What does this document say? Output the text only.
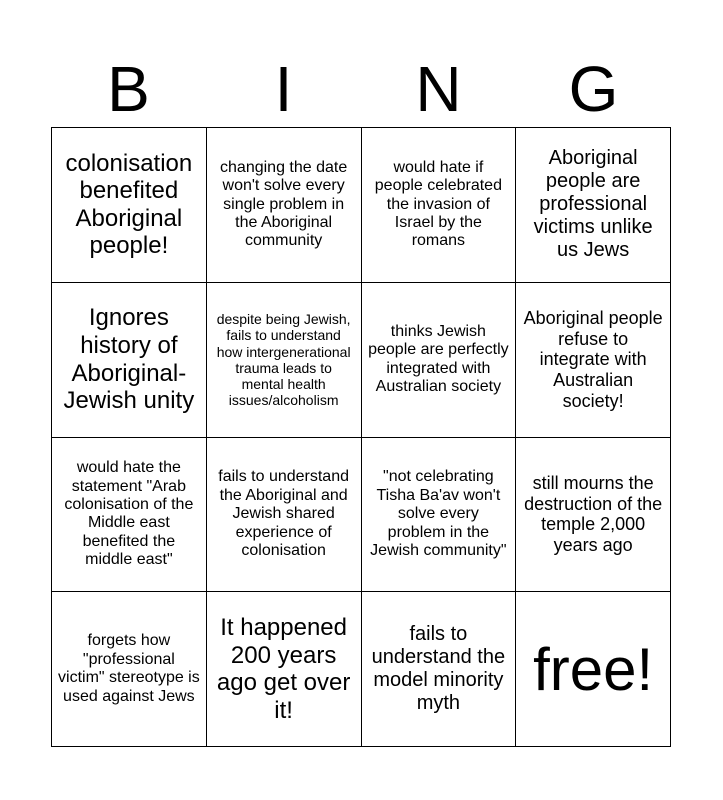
B	I	N	G
colonisation benefited Aboriginal people!
changing the date won't solve every single problem in the Aboriginal community
would hate if people celebrated the invasion of Israel by the romans
Aboriginal people are professional victims unlike us Jews
Ignores history of Aboriginal-Jewish unity
despite being Jewish, fails to understand how intergenerational trauma leads to mental health issues/alcoholism
thinks Jewish people are perfectly integrated with Australian society
Aboriginal people refuse to integrate with Australian society!
would hate the statement "Arab colonisation of the Middle east benefited the middle east"
fails to understand the Aboriginal and Jewish shared experience of colonisation
"not celebrating Tisha Ba'av won't solve every problem in the Jewish community"
still mourns the destruction of the temple 2,000 years ago
forgets how "professional victim" stereotype is used against Jews
It happened 200 years ago get over it!
fails to understand the model minority myth
free!
